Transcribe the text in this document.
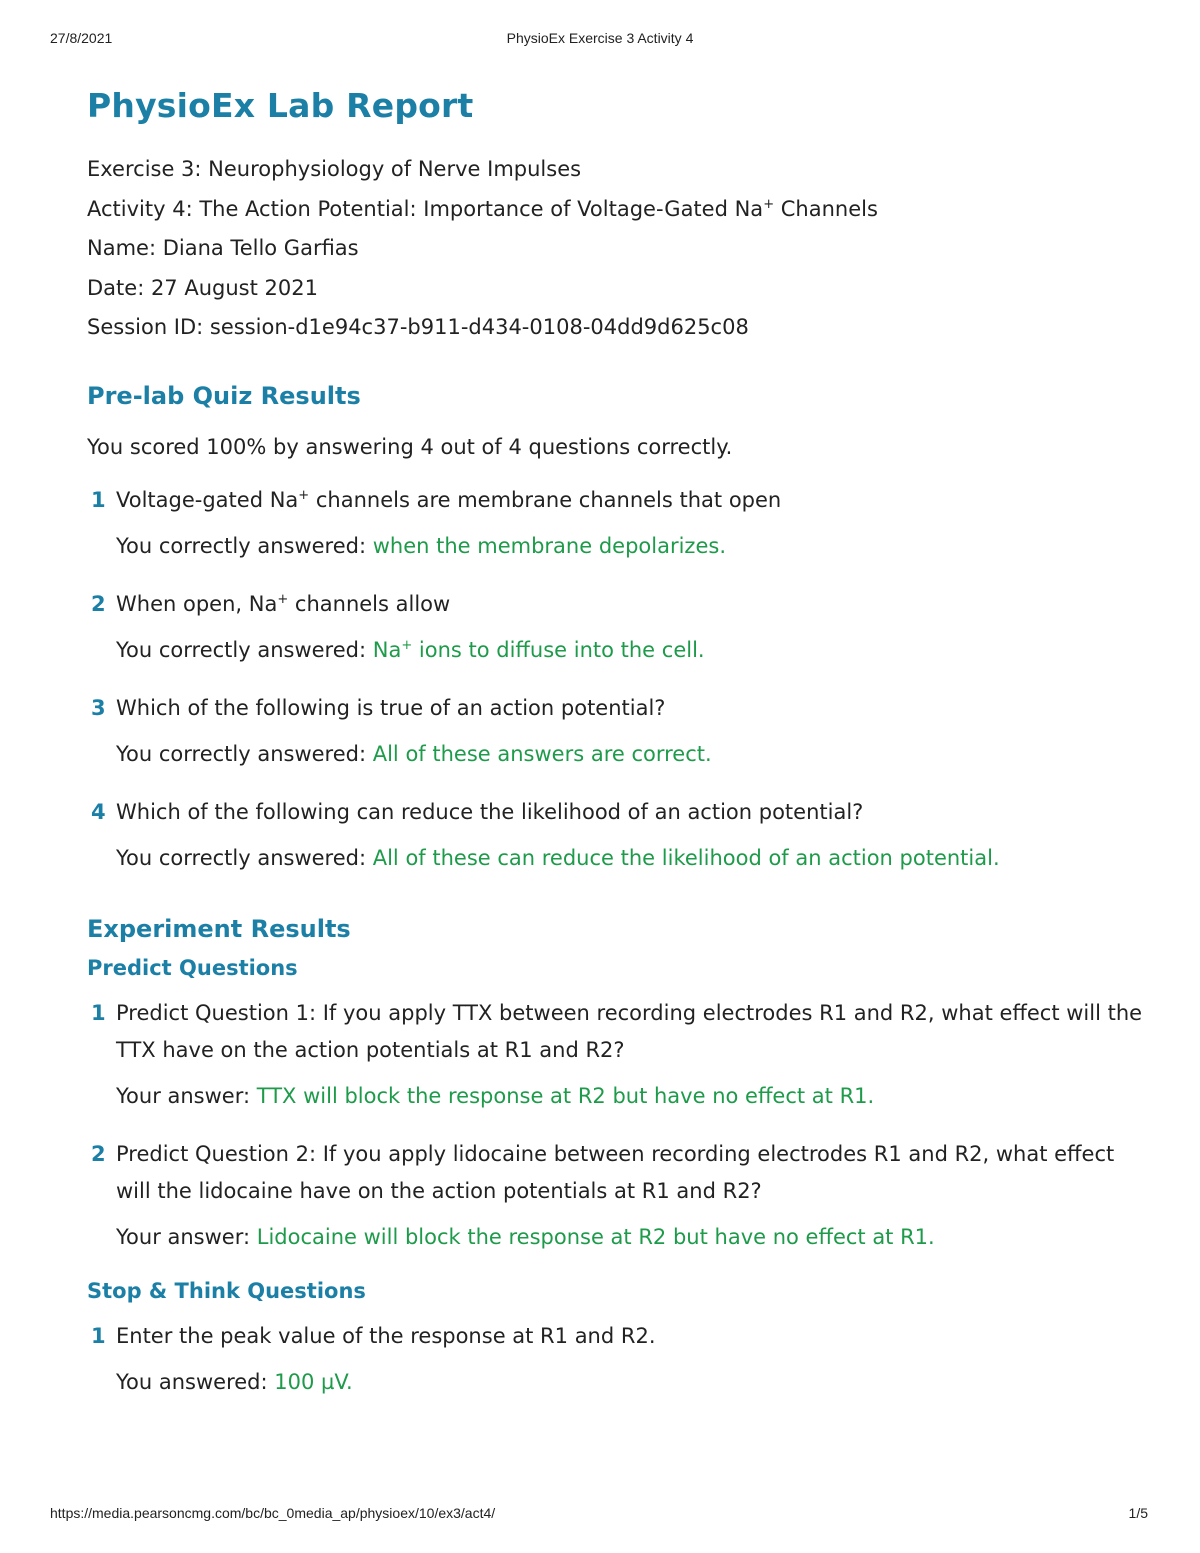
27/8/2021	PhysioEx Exercise 3 Activity 4
PhysioEx Lab Report
Exercise 3: Neurophysiology of Nerve Impulses
Activity 4: The Action Potential: Importance of Voltage-Gated Na+ Channels
Name: Diana Tello Garfias
Date: 27 August 2021
Session ID: session-d1e94c37-b911-d434-0108-04dd9d625c08
Pre-lab Quiz Results
You scored 100% by answering 4 out of 4 questions correctly.
1 Voltage-gated Na+ channels are membrane channels that open
You correctly answered: when the membrane depolarizes.
2 When open, Na+ channels allow
You correctly answered: Na+ ions to diffuse into the cell.
3 Which of the following is true of an action potential?
You correctly answered: All of these answers are correct.
4 Which of the following can reduce the likelihood of an action potential?
You correctly answered: All of these can reduce the likelihood of an action potential.
Experiment Results
Predict Questions
1 Predict Question 1: If you apply TTX between recording electrodes R1 and R2, what effect will the TTX have on the action potentials at R1 and R2?
Your answer: TTX will block the response at R2 but have no effect at R1.
2 Predict Question 2: If you apply lidocaine between recording electrodes R1 and R2, what effect will the lidocaine have on the action potentials at R1 and R2?
Your answer: Lidocaine will block the response at R2 but have no effect at R1.
Stop & Think Questions
1 Enter the peak value of the response at R1 and R2.
You answered: 100 µV.
https://media.pearsoncmg.com/bc/bc_0media_ap/physioex/10/ex3/act4/	1/5
